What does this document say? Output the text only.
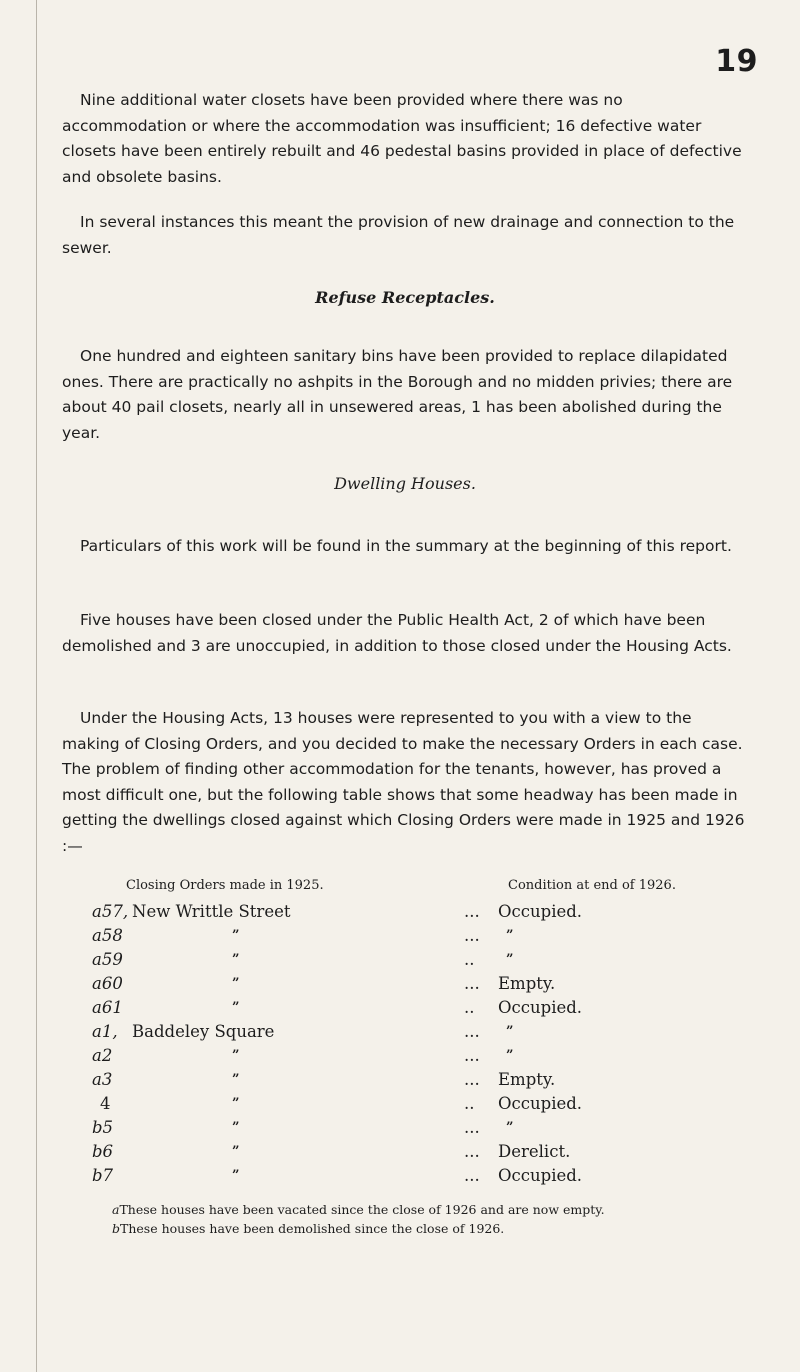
19

Nine additional water closets have been provided where there was no accommodation or where the accommodation was insufficient; 16 defective water closets have been entirely rebuilt and 46 pedestal basins provided in place of defective and obsolete basins.

In several instances this meant the provision of new drainage and connection to the sewer.

Refuse Receptacles.

One hundred and eighteen sanitary bins have been provided to replace dilapidated ones. There are practically no ashpits in the Borough and no midden privies; there are about 40 pail closets, nearly all in unsewered areas, 1 has been abolished during the year.

Dwelling Houses.

Particulars of this work will be found in the summary at the beginning of this report.

Five houses have been closed under the Public Health Act, 2 of which have been demolished and 3 are unoccupied, in addition to those closed under the Housing Acts.

Under the Housing Acts, 13 houses were represented to you with a view to the making of Closing Orders, and you decided to make the necessary Orders in each case. The problem of finding other accommodation for the tenants, however, has proved a most difficult one, but the following table shows that some headway has been made in getting the dwellings closed against which Closing Orders were made in 1925 and 1926 :—

Closing Orders made in 1925.	Condition at end of 1926.
a57, New Writtle Street	... Occupied.
a58	”	... ”
a59	”	.. ”
a60	”	... Empty.
a61	”	.. Occupied.
a1, Baddeley Square	... ”
a2	”	... ”
a3	”	... Empty.
4	”	.. Occupied.
b5	”	... ”
b6	”	... Derelict.
b7	”	... Occupied.
aThese houses have been vacated since the close of 1926 and are now empty.
bThese houses have been demolished since the close of 1926.
